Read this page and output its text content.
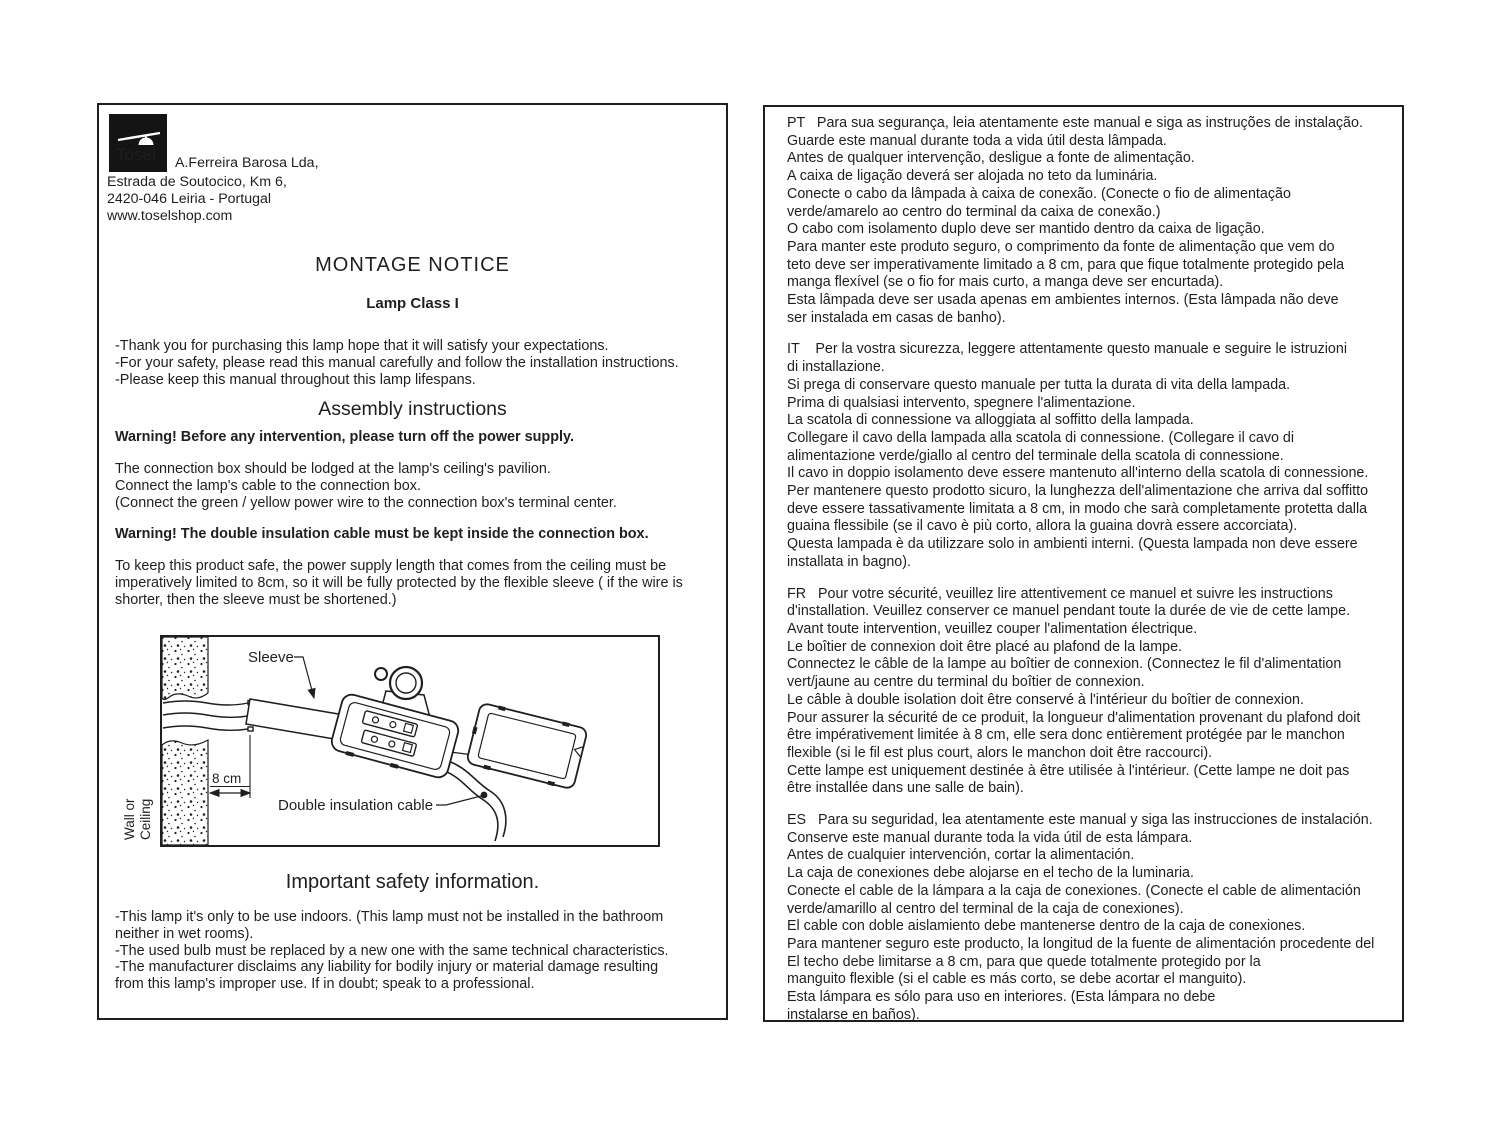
Tosel A.Ferreira Barosa Lda,
Estrada de Soutocico, Km 6,
2420-046 Leiria - Portugal
www.toselshop.com
MONTAGE NOTICE
Lamp Class I
-Thank you for purchasing this lamp hope that it will satisfy your expectations.
-For your safety, please read this manual carefully and follow the installation instructions.
-Please keep this manual throughout this lamp lifespans.
Assembly instructions
Warning! Before any intervention, please turn off the power supply.
The connection box should be lodged at the lamp's ceiling's pavilion.
Connect the lamp's cable to the connection box.
(Connect the green / yellow power wire to the connection box's terminal center.
Warning! The double insulation cable must be kept inside the connection box.
To keep this product safe, the power supply length that comes from the ceiling must be
imperatively limited to 8cm, so it will be fully protected by the flexible sleeve ( if the wire is
shorter, then the sleeve must be shortened.)
8 cm
Sleeve
Double insulation cable
Wall or Ceiling
Important safety information.
-This lamp it's only to be use indoors. (This lamp must not be installed in the bathroom
neither in wet rooms).
-The used bulb must be replaced by a new one with the same technical characteristics.
-The manufacturer disclaims any liability for bodily injury or material damage resulting
from this lamp's improper use. If in doubt; speak to a professional.
PT   Para sua segurança, leia atentamente este manual e siga as instruções de instalação.
Guarde este manual durante toda a vida útil desta lâmpada.
Antes de qualquer intervenção, desligue a fonte de alimentação.
A caixa de ligação deverá ser alojada no teto da luminária.
Conecte o cabo da lâmpada à caixa de conexão. (Conecte o fio de alimentação
verde/amarelo ao centro do terminal da caixa de conexão.)
O cabo com isolamento duplo deve ser mantido dentro da caixa de ligação.
Para manter este produto seguro, o comprimento da fonte de alimentação que vem do
teto deve ser imperativamente limitado a 8 cm, para que fique totalmente protegido pela
manga flexível (se o fio for mais curto, a manga deve ser encurtada).
Esta lâmpada deve ser usada apenas em ambientes internos. (Esta lâmpada não deve
ser instalada em casas de banho).
IT    Per la vostra sicurezza, leggere attentamente questo manuale e seguire le istruzioni
di installazione.
Si prega di conservare questo manuale per tutta la durata di vita della lampada.
Prima di qualsiasi intervento, spegnere l'alimentazione.
La scatola di connessione va alloggiata al soffitto della lampada.
Collegare il cavo della lampada alla scatola di connessione. (Collegare il cavo di
alimentazione verde/giallo al centro del terminale della scatola di connessione.
Il cavo in doppio isolamento deve essere mantenuto all'interno della scatola di connessione.
Per mantenere questo prodotto sicuro, la lunghezza dell'alimentazione che arriva dal soffitto
deve essere tassativamente limitata a 8 cm, in modo che sarà completamente protetta dalla
guaina flessibile (se il cavo è più corto, allora la guaina dovrà essere accorciata).
Questa lampada è da utilizzare solo in ambienti interni. (Questa lampada non deve essere
installata in bagno).
FR   Pour votre sécurité, veuillez lire attentivement ce manuel et suivre les instructions
d'installation. Veuillez conserver ce manuel pendant toute la durée de vie de cette lampe.
Avant toute intervention, veuillez couper l'alimentation électrique.
Le boîtier de connexion doit être placé au plafond de la lampe.
Connectez le câble de la lampe au boîtier de connexion. (Connectez le fil d'alimentation
vert/jaune au centre du terminal du boîtier de connexion.
Le câble à double isolation doit être conservé à l'intérieur du boîtier de connexion.
Pour assurer la sécurité de ce produit, la longueur d'alimentation provenant du plafond doit
être impérativement limitée à 8 cm, elle sera donc entièrement protégée par le manchon
flexible (si le fil est plus court, alors le manchon doit être raccourci).
Cette lampe est uniquement destinée à être utilisée à l'intérieur. (Cette lampe ne doit pas
être installée dans une salle de bain).
ES   Para su seguridad, lea atentamente este manual y siga las instrucciones de instalación.
Conserve este manual durante toda la vida útil de esta lámpara.
Antes de cualquier intervención, cortar la alimentación.
La caja de conexiones debe alojarse en el techo de la luminaria.
Conecte el cable de la lámpara a la caja de conexiones. (Conecte el cable de alimentación
verde/amarillo al centro del terminal de la caja de conexiones).
El cable con doble aislamiento debe mantenerse dentro de la caja de conexiones.
Para mantener seguro este producto, la longitud de la fuente de alimentación procedente del
El techo debe limitarse a 8 cm, para que quede totalmente protegido por la
manguito flexible (si el cable es más corto, se debe acortar el manguito).
Esta lámpara es sólo para uso en interiores. (Esta lámpara no debe
instalarse en baños).
